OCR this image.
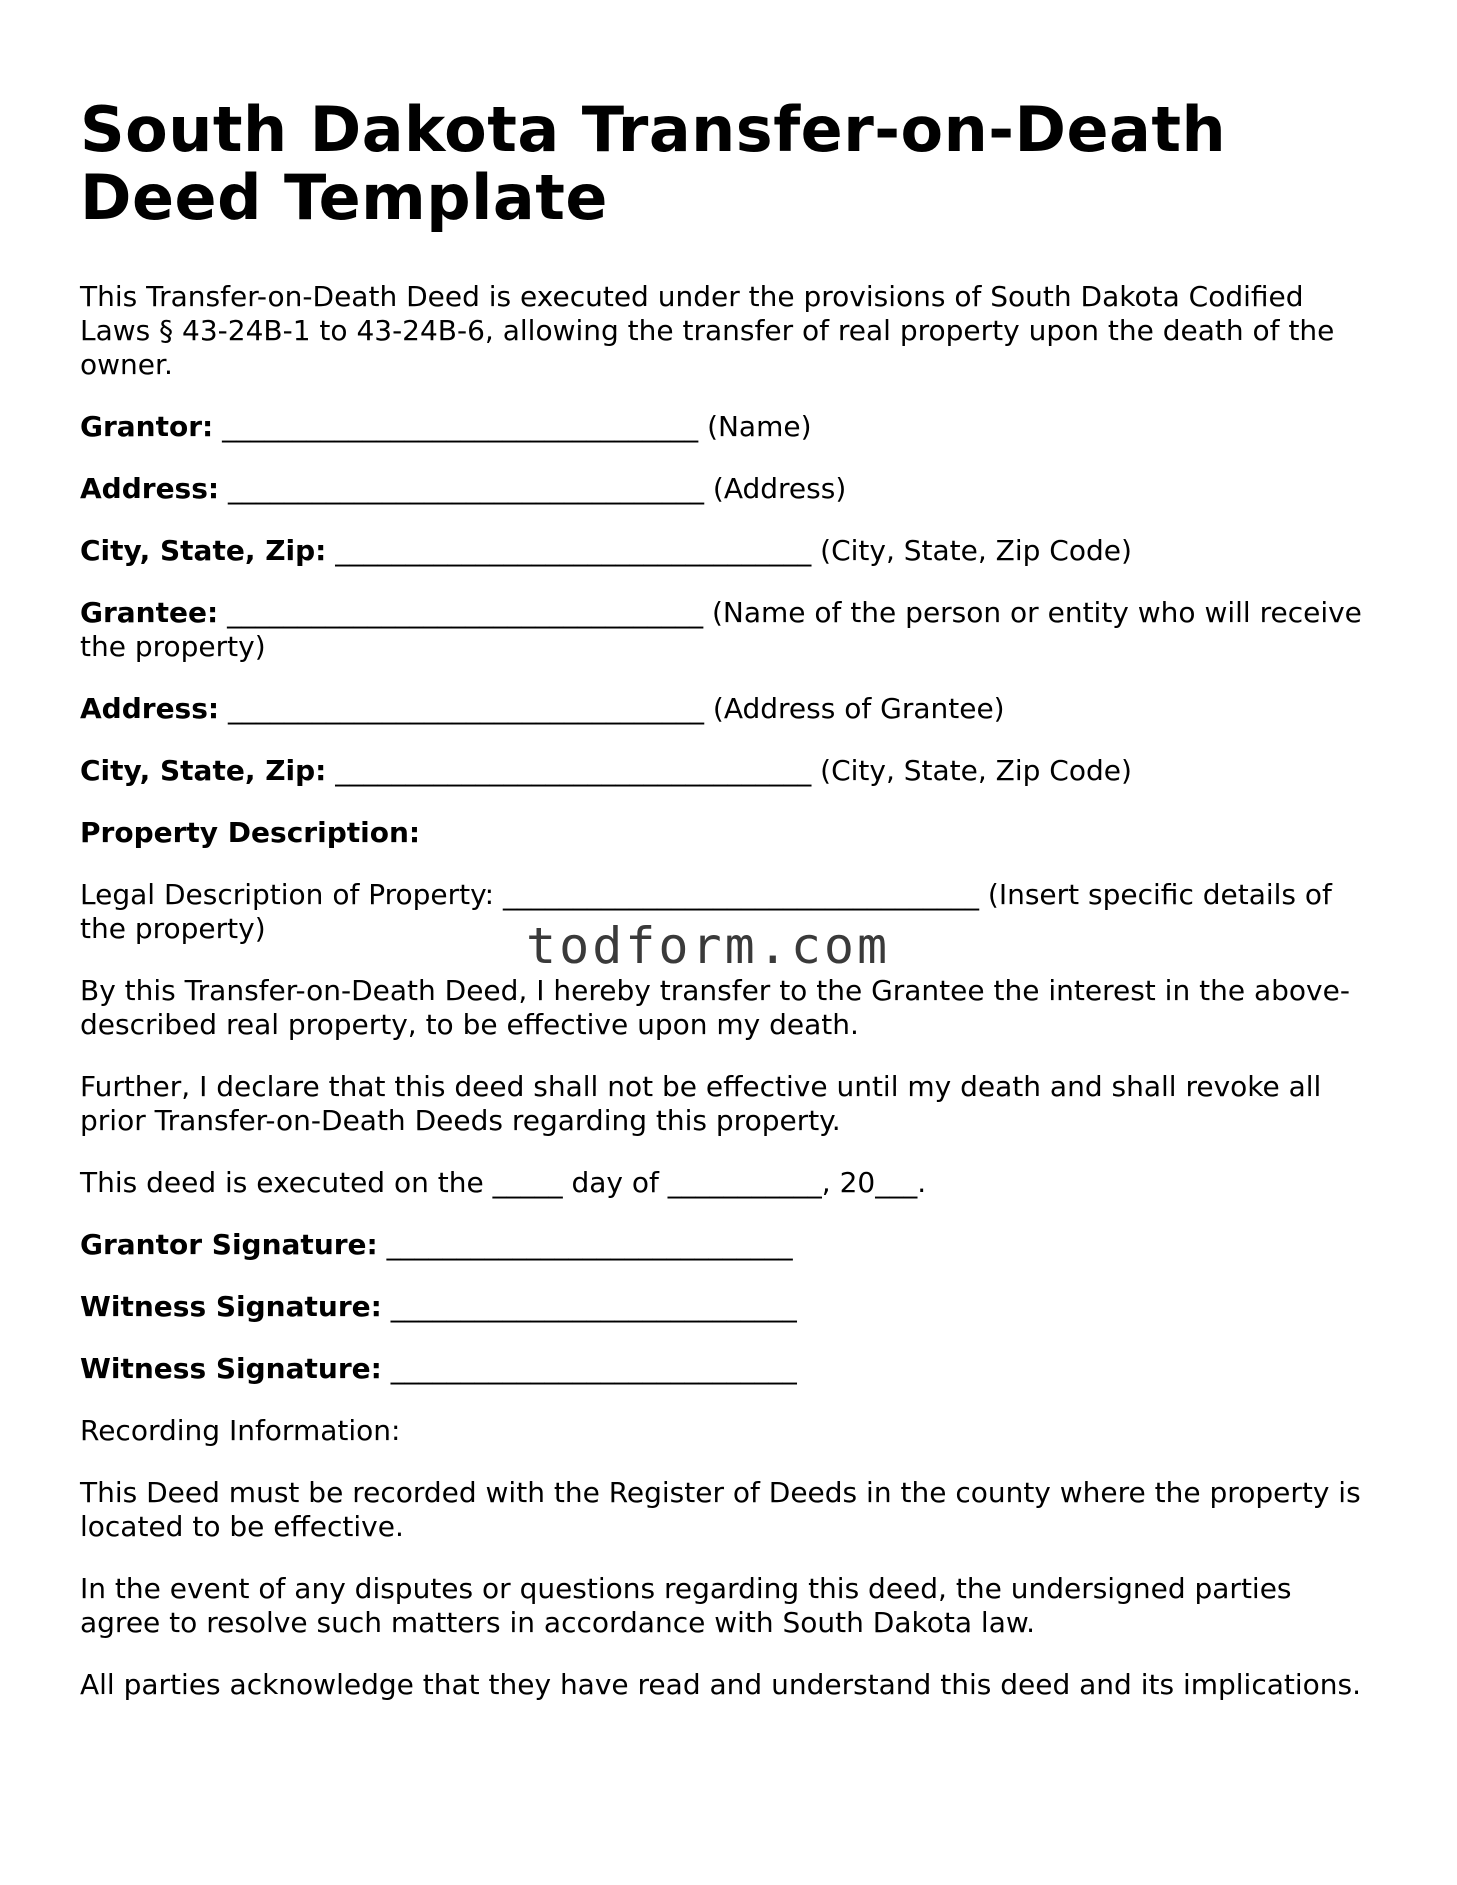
South Dakota Transfer-on-Death Deed Template

This Transfer-on-Death Deed is executed under the provisions of South Dakota Codified Laws § 43-24B-1 to 43-24B-6, allowing the transfer of real property upon the death of the owner.

Grantor: __________________________________ (Name)

Address: __________________________________ (Address)

City, State, Zip: __________________________________ (City, State, Zip Code)

Grantee: __________________________________ (Name of the person or entity who will receive the property)

Address: __________________________________ (Address of Grantee)

City, State, Zip: __________________________________ (City, State, Zip Code)

Property Description:

Legal Description of Property: __________________________________ (Insert specific details of the property)

By this Transfer-on-Death Deed, I hereby transfer to the Grantee the interest in the above-described real property, to be effective upon my death.

Further, I declare that this deed shall not be effective until my death and shall revoke all prior Transfer-on-Death Deeds regarding this property.

This deed is executed on the _____ day of ___________, 20___.

Grantor Signature: _____________________________

Witness Signature: _____________________________

Witness Signature: _____________________________

Recording Information:

This Deed must be recorded with the Register of Deeds in the county where the property is located to be effective.

In the event of any disputes or questions regarding this deed, the undersigned parties agree to resolve such matters in accordance with South Dakota law.

All parties acknowledge that they have read and understand this deed and its implications.

todform.com
